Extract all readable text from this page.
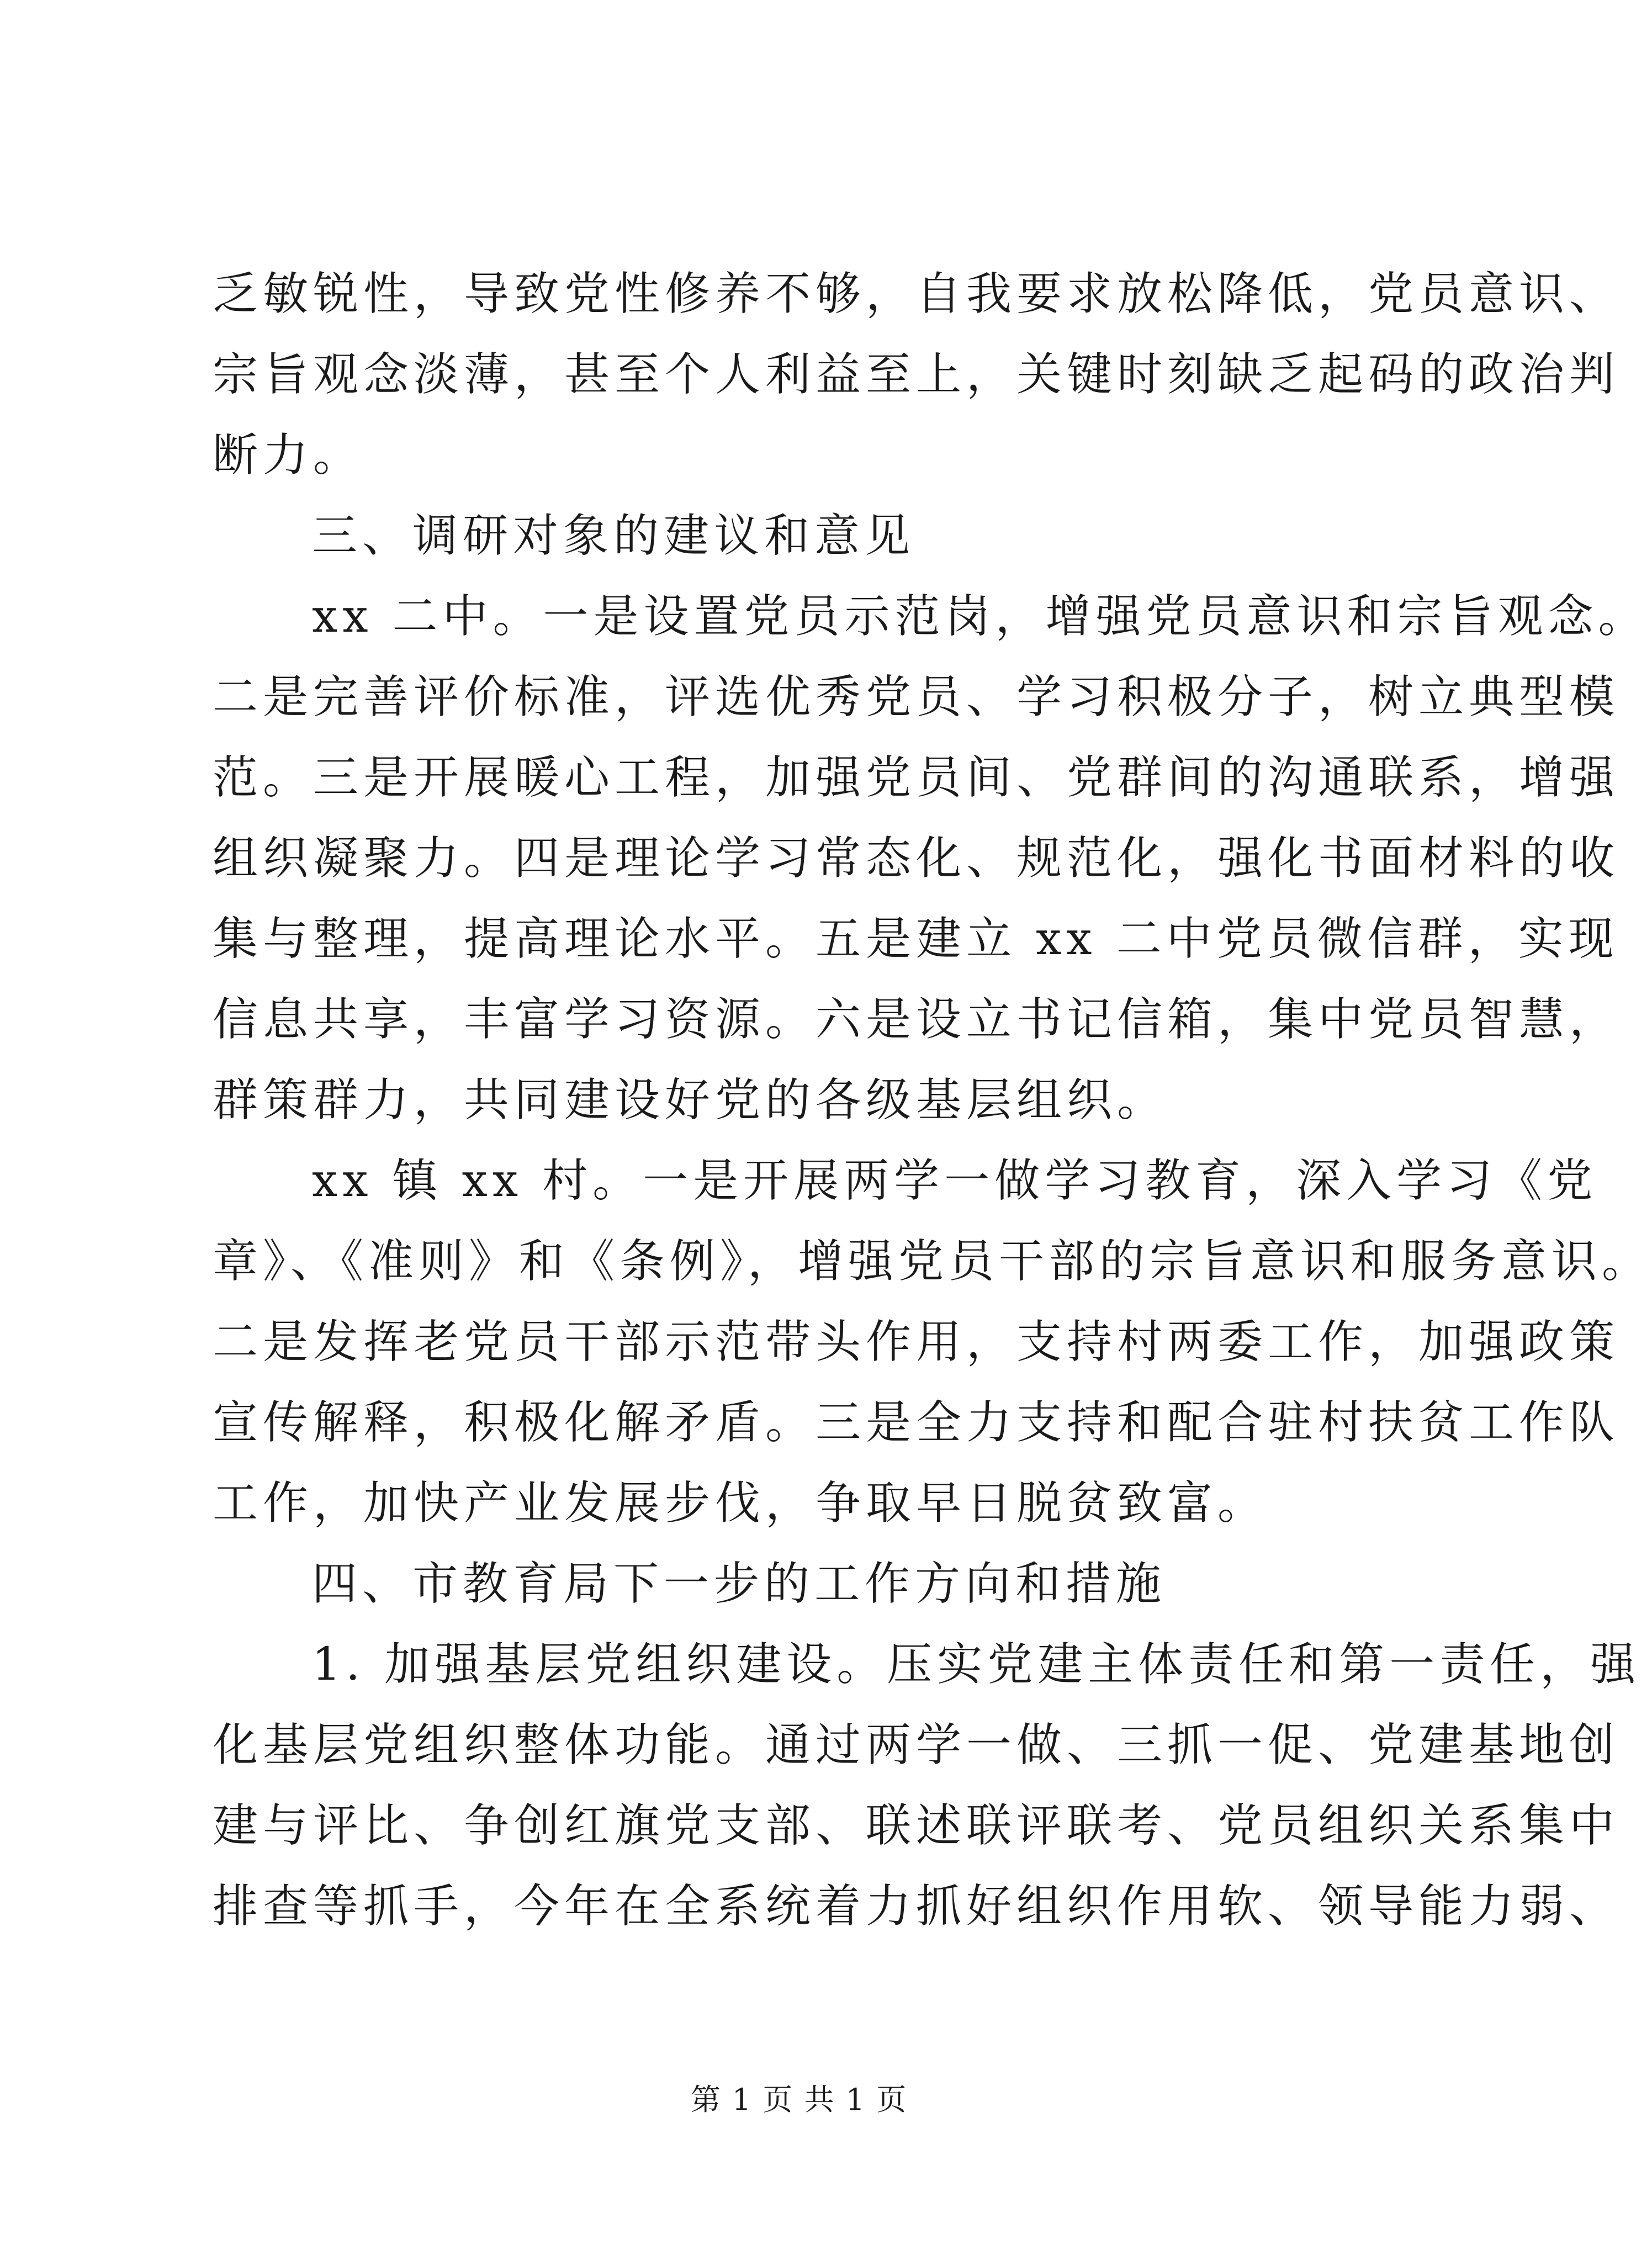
乏敏锐性，导致党性修养不够，自我要求放松降低，党员意识、
宗旨观念淡薄，甚至个人利益至上，关键时刻缺乏起码的政治判
断力。
三、调研对象的建议和意见
xx 二中。一是设置党员示范岗，增强党员意识和宗旨观念。
二是完善评价标准，评选优秀党员、学习积极分子，树立典型模
范。三是开展暖心工程，加强党员间、党群间的沟通联系，增强
组织凝聚力。四是理论学习常态化、规范化，强化书面材料的收
集与整理，提高理论水平。五是建立 xx 二中党员微信群，实现
信息共享，丰富学习资源。六是设立书记信箱，集中党员智慧，
群策群力，共同建设好党的各级基层组织。
xx 镇 xx 村。一是开展两学一做学习教育，深入学习《党
章》、《准则》和《条例》，增强党员干部的宗旨意识和服务意识。
二是发挥老党员干部示范带头作用，支持村两委工作，加强政策
宣传解释，积极化解矛盾。三是全力支持和配合驻村扶贫工作队
工作，加快产业发展步伐，争取早日脱贫致富。
四、市教育局下一步的工作方向和措施
1. 加强基层党组织建设。压实党建主体责任和第一责任，强
化基层党组织整体功能。通过两学一做、三抓一促、党建基地创
建与评比、争创红旗党支部、联述联评联考、党员组织关系集中
排查等抓手，今年在全系统着力抓好组织作用软、领导能力弱、
第 1 页 共 1 页
